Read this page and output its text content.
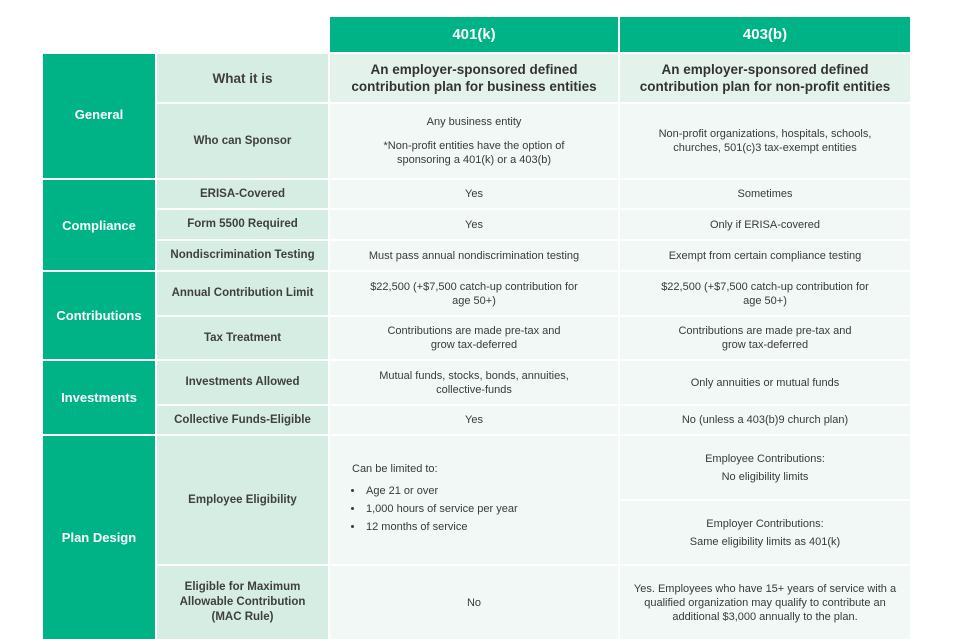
401(k)	403(b)
General
Compliance
Contributions
Investments
Plan Design
What it is
Who can Sponsor
ERISA-Covered
Form 5500 Required
Nondiscrimination Testing
Annual Contribution Limit
Tax Treatment
Investments Allowed
Collective Funds-Eligible
Employee Eligibility
Eligible for Maximum Allowable Contribution (MAC Rule)
An employer-sponsored defined contribution plan for business entities

Any business entity

*Non-profit entities have the option of sponsoring a 401(k) or a 403(b)

Yes
Yes
Must pass annual nondiscrimination testing
$22,500 (+$7,500 catch-up contribution for age 50+)
Contributions are made pre-tax and grow tax-deferred
Mutual funds, stocks, bonds, annuities, collective-funds
Yes

Can be limited to:

• Age 21 or over
• 1,000 hours of service per year
• 12 months of service
No
An employer-sponsored defined contribution plan for non-profit entities
Non-profit organizations, hospitals, schools, churches, 501(c)3 tax-exempt entities
Sometimes
Only if ERISA-covered
Exempt from certain compliance testing
$22,500 (+$7,500 catch-up contribution for age 50+)
Contributions are made pre-tax and grow tax-deferred
Only annuities or mutual funds
No (unless a 403(b)9 church plan)

Employee Contributions:

No eligibility limits

Employer Contributions:

Same eligibility limits as 401(k)

Yes. Employees who have 15+ years of service with a qualified organization may qualify to contribute an additional $3,000 annually to the plan.
